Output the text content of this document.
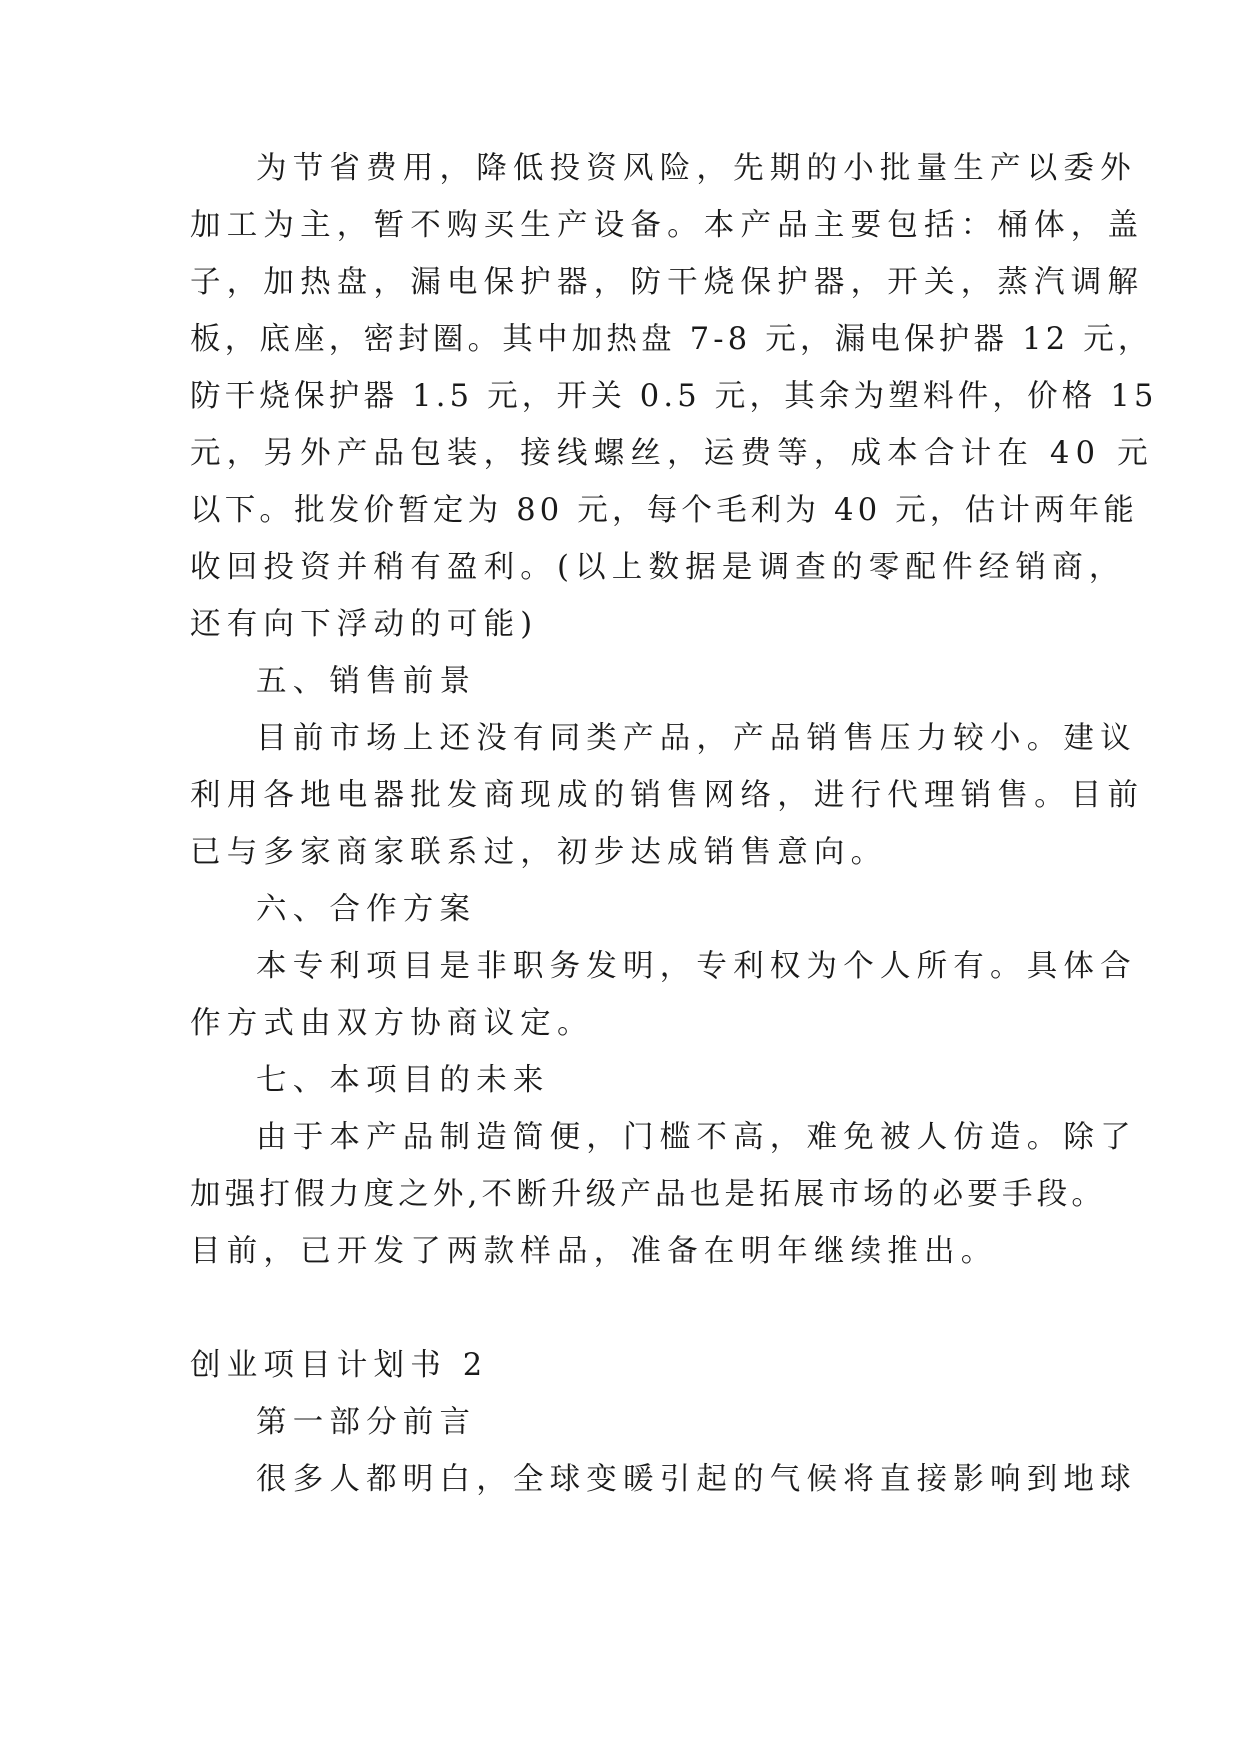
为节省费用，降低投资风险，先期的小批量生产以委外
加工为主，暂不购买生产设备。本产品主要包括：桶体，盖
子，加热盘，漏电保护器，防干烧保护器，开关，蒸汽调解
板，底座，密封圈。其中加热盘 7-8 元，漏电保护器 12 元，
防干烧保护器 1.5 元，开关 0.5 元，其余为塑料件，价格 15
元，另外产品包装，接线螺丝，运费等，成本合计在 40 元
以下。批发价暂定为 80 元，每个毛利为 40 元，估计两年能
收回投资并稍有盈利。(以上数据是调查的零配件经销商，
还有向下浮动的可能)
五、销售前景
目前市场上还没有同类产品，产品销售压力较小。建议
利用各地电器批发商现成的销售网络，进行代理销售。目前
已与多家商家联系过，初步达成销售意向。
六、合作方案
本专利项目是非职务发明，专利权为个人所有。具体合
作方式由双方协商议定。
七、本项目的未来
由于本产品制造简便，门槛不高，难免被人仿造。除了
加强打假力度之外,不断升级产品也是拓展市场的必要手段。
目前，已开发了两款样品，准备在明年继续推出。
创业项目计划书 2
第一部分前言
很多人都明白，全球变暖引起的气候将直接影响到地球
